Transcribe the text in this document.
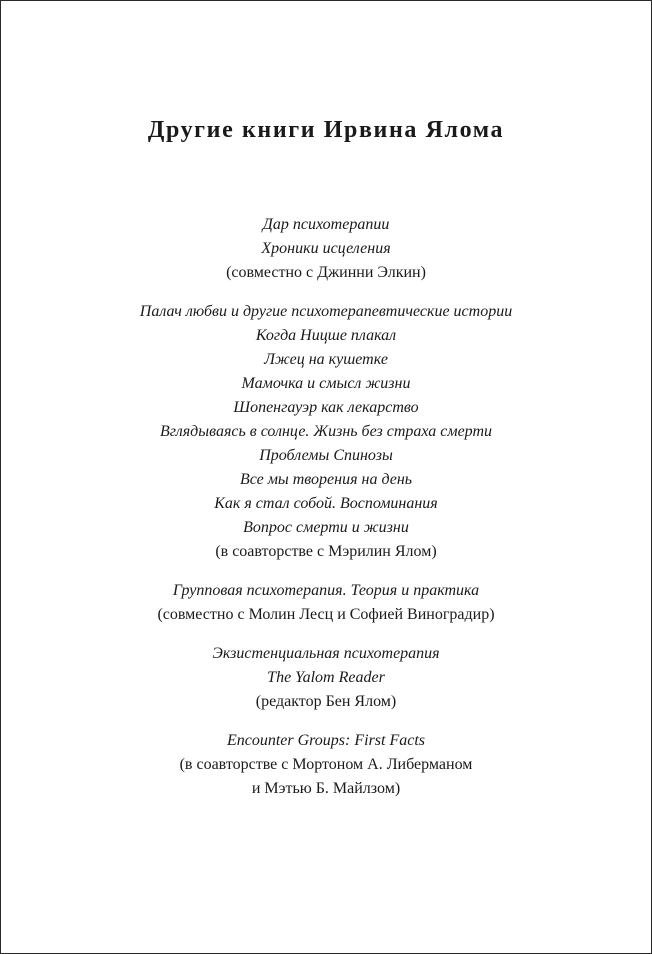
Другие книги Ирвина Ялома
Дар психотерапии
Хроники исцеления
(совместно с Джинни Элкин)
Палач любви и другие психотерапевтические истории
Когда Ницше плакал
Лжец на кушетке
Мамочка и смысл жизни
Шопенгауэр как лекарство
Вглядываясь в солнце. Жизнь без страха смерти
Проблемы Спинозы
Все мы творения на день
Как я стал собой. Воспоминания
Вопрос смерти и жизни
(в соавторстве с Мэрилин Ялом)
Групповая психотерапия. Теория и практика
(совместно с Молин Лесц и Софией Виноградир)
Экзистенциальная психотерапия
The Yalom Reader
(редактор Бен Ялом)
Encounter Groups: First Facts
(в соавторстве с Мортоном А. Либерманом
и Мэтью Б. Майлзом)
